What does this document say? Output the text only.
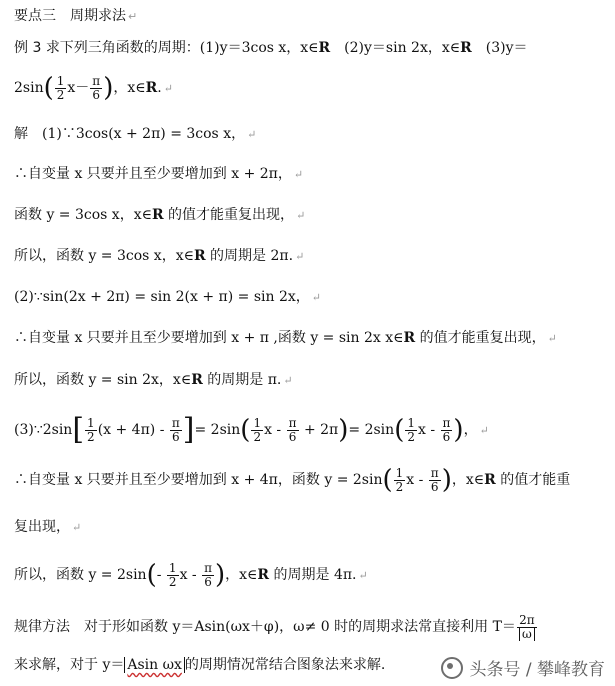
要点三　周期求法 ↵
例 3 求下列三角函数的周期：(1)y＝3cos x，x∈R　(2)y＝sin 2x，x∈R　(3)y＝
$2\sin( \frac{1}{2} x- \frac{\pi}{6}$ )，x∈R. ↵
解　(1)∵3cos(x + 2π) = 3cos x， ↵
∴自变量 x 只要并且至少要增加到 x + 2π， ↵
函数 y = 3cos x，x∈R 的值才能重复出现， ↵
所以，函数 y = 3cos x，x∈R 的周期是 2π. ↵
(2)∵sin(2x + 2π) = sin 2(x + π) = sin 2x， ↵
∴自变量 x 只要并且至少要增加到 x + π ,函数 y = sin 2x x∈R 的值才能重复出现， ↵
所以，函数 y = sin 2x，x∈R 的周期是 π. ↵
(3)∵2sin[ $\frac{1}{2} (x + 4\pi) - \frac{\pi}{6}$ ]= $2\sin( \frac{1}{2}$ $x - \frac{\pi}{6} + 2\pi)= 2\sin( \frac{1}{2}$ x - $\frac{\pi}{6}$ )， ↵
∴自变量 x 只要并且至少要增加到 x + 4π，函数 $y = 2\sin( \frac{1}{2}$ x - $\frac{\pi}{6}$ )，x∈R 的值才能重
复出现， ↵
所以，函数 $y = 2\sin(- \frac{1}{2}$ x - $\frac{\pi}{6}$ )，x∈R 的周期是 4π. ↵
规律方法　对于形如函数 y＝Asin(ωx＋φ)，ω≠ 0 时的周期求法常直接利用 $T= \frac{2\pi}{\omega}$
来求解，对于 y＝ Asin ωx 的周期情况常结合图象法来求解.	头条号 / 攀峰教育
